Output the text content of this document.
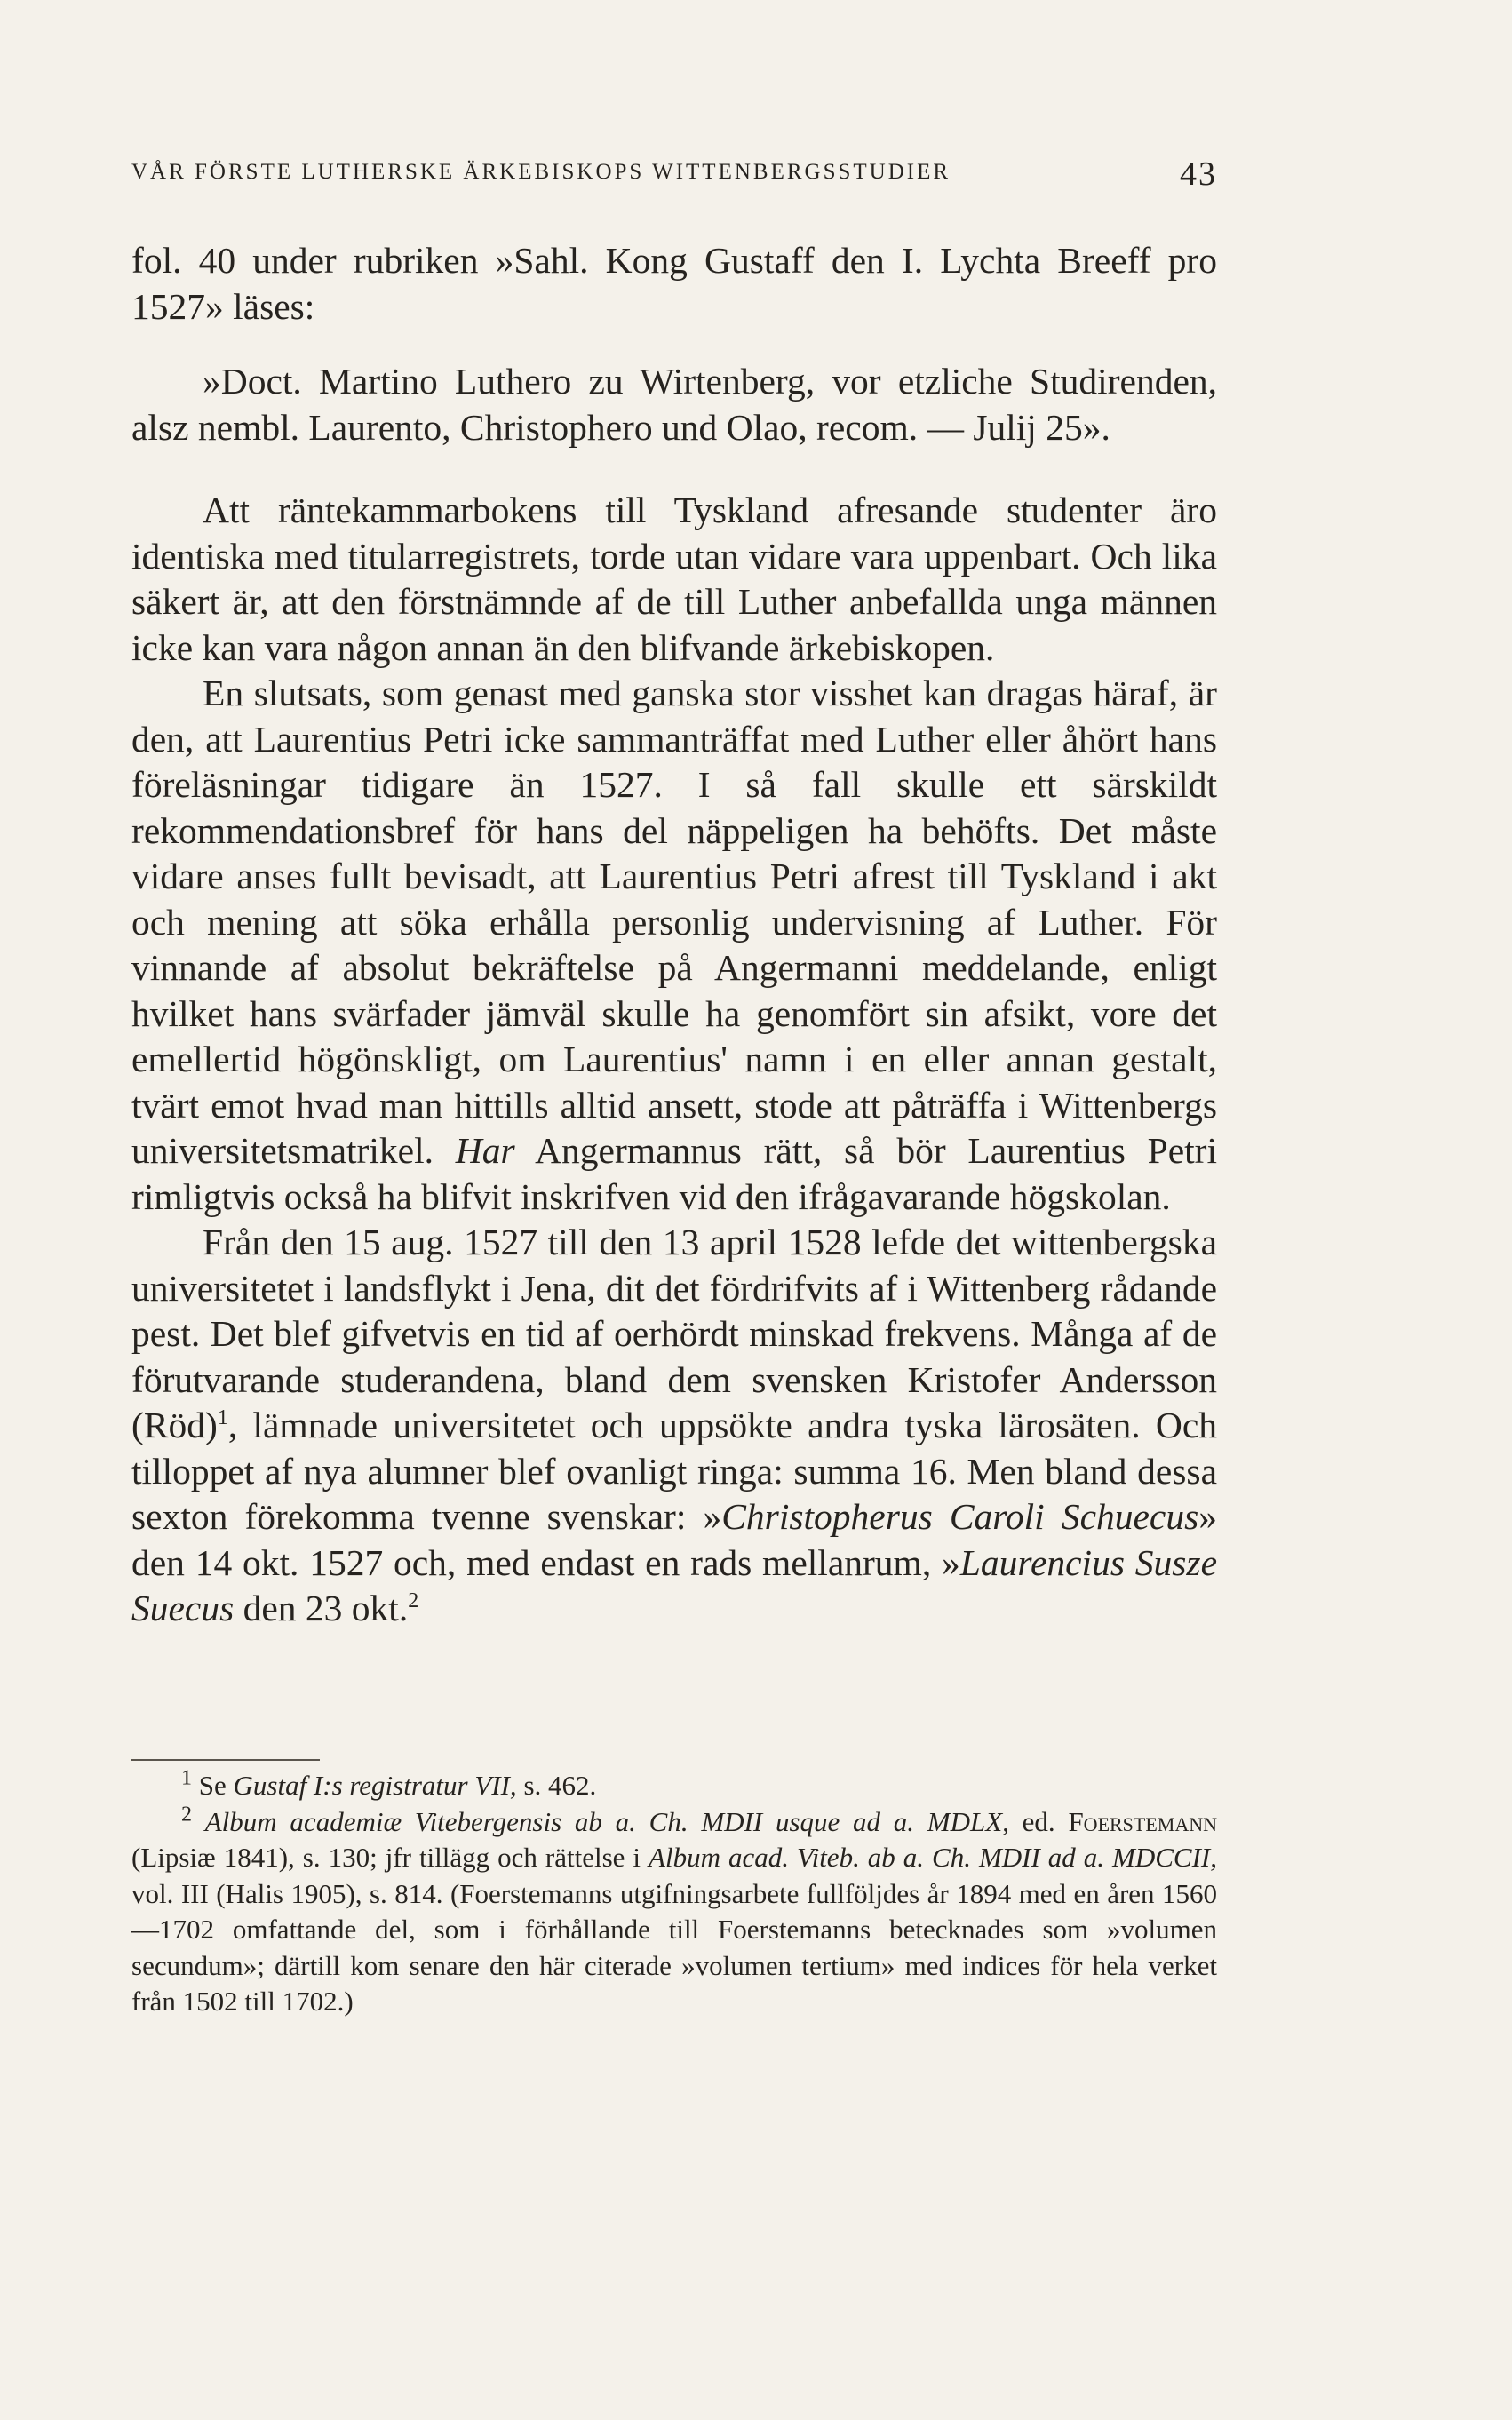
VÅR FÖRSTE LUTHERSKE ÄRKEBISKOPS WITTENBERGSSTUDIER	43

fol. 40 under rubriken »Sahl. Kong Gustaff den I. Lychta Breeff pro 1527» läses:

»Doct. Martino Luthero zu Wirtenberg, vor etzliche Studirenden, alsz nembl. Laurento, Christophero und Olao, recom. — Julij 25».

Att räntekammarbokens till Tyskland afresande studenter äro identiska med titularregistrets, torde utan vidare vara uppenbart. Och lika säkert är, att den förstnämnde af de till Luther anbefallda unga männen icke kan vara någon annan än den blifvande ärkebiskopen.

En slutsats, som genast med ganska stor visshet kan dragas häraf, är den, att Laurentius Petri icke sammanträffat med Luther eller åhört hans föreläsningar tidigare än 1527. I så fall skulle ett särskildt rekommendationsbref för hans del näppeligen ha behöfts. Det måste vidare anses fullt bevisadt, att Laurentius Petri afrest till Tyskland i akt och mening att söka erhålla personlig undervisning af Luther. För vinnande af absolut bekräftelse på Angermanni meddelande, enligt hvilket hans svärfader jämväl skulle ha genomfört sin afsikt, vore det emellertid högönskligt, om Laurentius' namn i en eller annan gestalt, tvärt emot hvad man hittills alltid ansett, stode att påträffa i Wittenbergs universitetsmatrikel. Har Angermannus rätt, så bör Laurentius Petri rimligtvis också ha blifvit inskrifven vid den ifrågavarande högskolan.

Från den 15 aug. 1527 till den 13 april 1528 lefde det wittenbergska universitetet i landsflykt i Jena, dit det fördrifvits af i Wittenberg rådande pest. Det blef gifvetvis en tid af oerhördt minskad frekvens. Många af de förutvarande studerandena, bland dem svensken Kristofer Andersson (Röd)$^1$, lämnade universitetet och uppsökte andra tyska lärosäten. Och tilloppet af nya alumner blef ovanligt ringa: summa 16. Men bland dessa sexton förekomma tvenne svenskar: »Christopherus Caroli Schuecus» den 14 okt. 1527 och, med endast en rads mellanrum, »Laurencius Susze Suecus den 23 okt.$^2$

$^1$ Se Gustaf I:s registratur VII, s. 462.

$^2$ Album academiæ Vitebergensis ab a. Ch. MDII usque ad a. MDLX, ed. Foerstemann (Lipsiæ 1841), s. 130; jfr tillägg och rättelse i Album acad. Viteb. ab a. Ch. MDII ad a. MDCCII, vol. III (Halis 1905), s. 814. (Foerstemanns utgifningsarbete fullföljdes år 1894 med en åren 1560—1702 omfattande del, som i förhållande till Foerstemanns betecknades som »volumen secundum»; därtill kom senare den här citerade »volumen tertium» med indices för hela verket från 1502 till 1702.)
